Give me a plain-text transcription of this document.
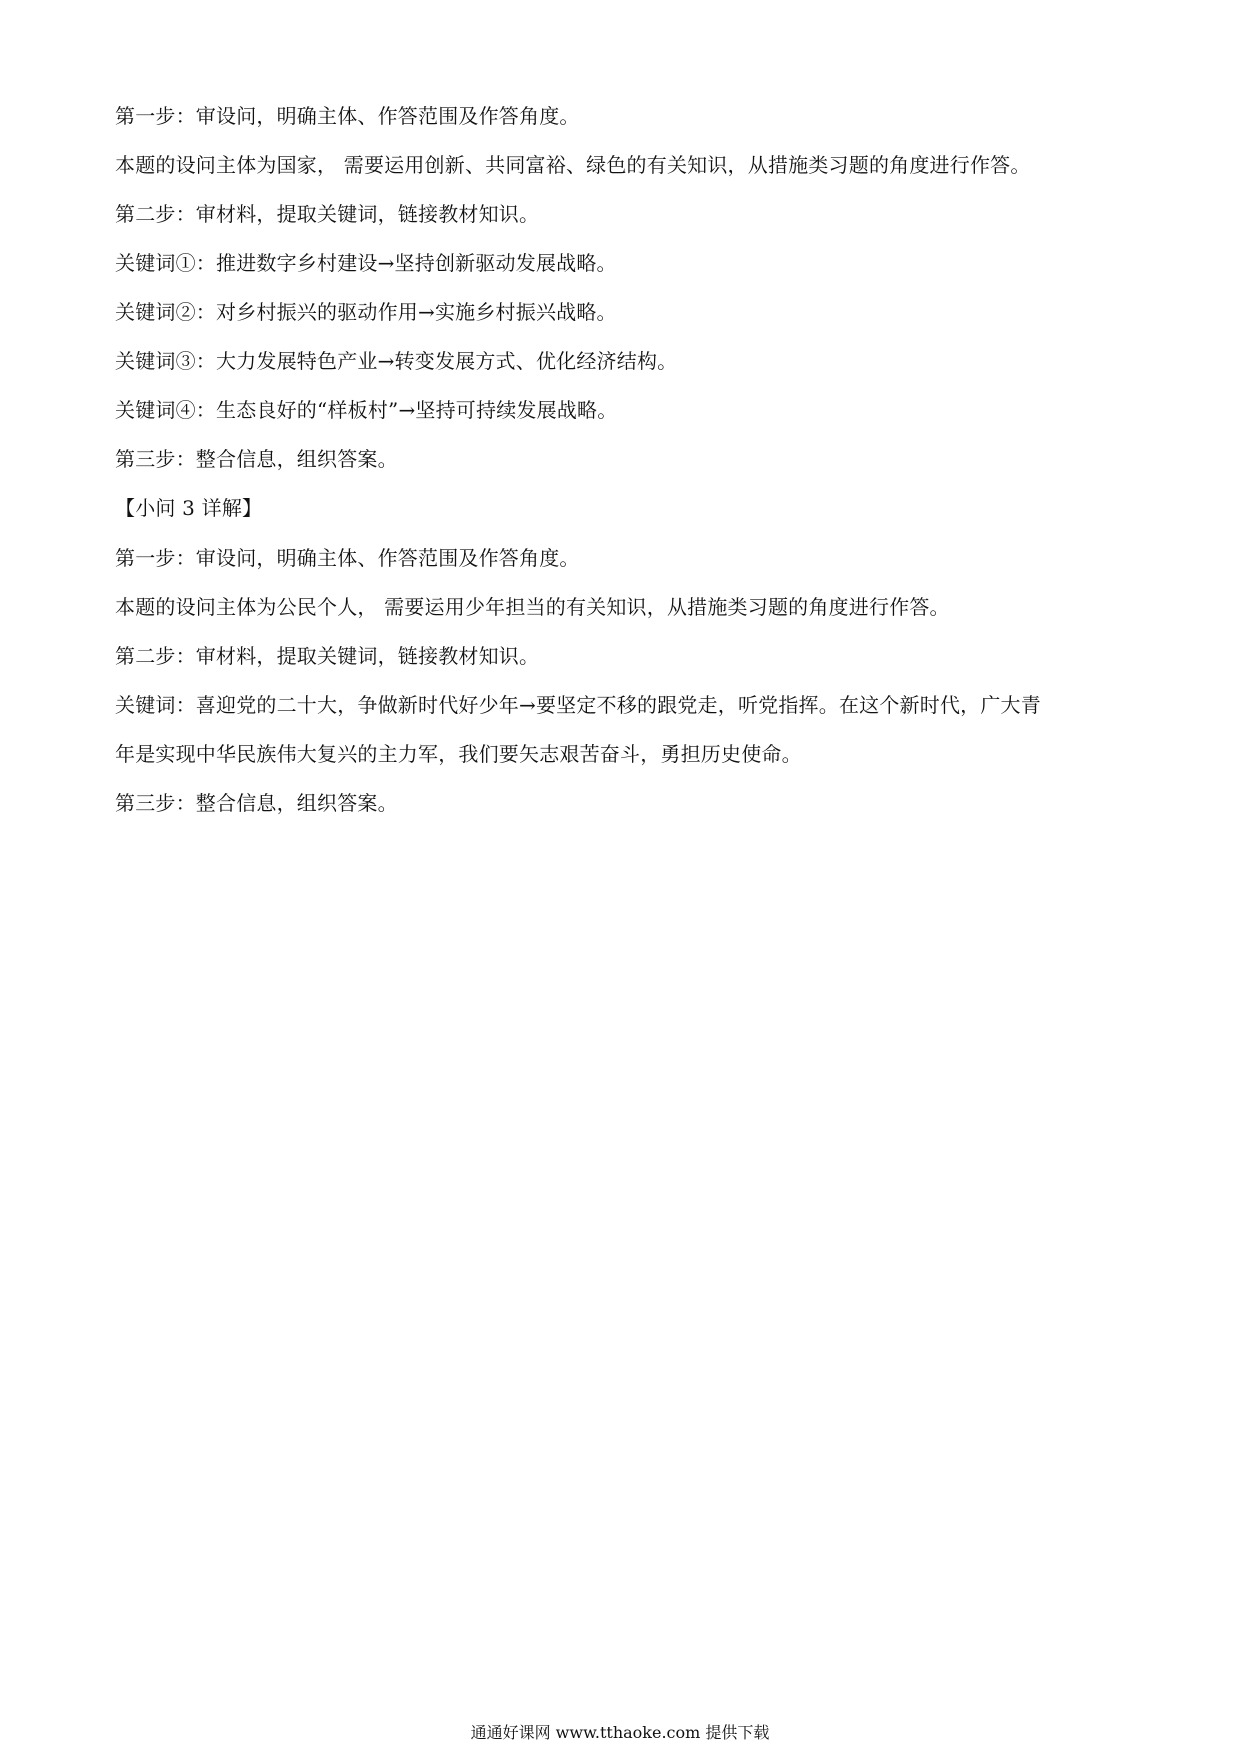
第一步：审设问，明确主体、作答范围及作答角度。
本题的设问主体为国家， 需要运用创新、共同富裕、绿色的有关知识，从措施类习题的角度进行作答。
第二步：审材料，提取关键词，链接教材知识。
关键词①：推进数字乡村建设→坚持创新驱动发展战略。
关键词②：对乡村振兴的驱动作用→实施乡村振兴战略。
关键词③：大力发展特色产业→转变发展方式、优化经济结构。
关键词④：生态良好的“样板村”→坚持可持续发展战略。
第三步：整合信息，组织答案。
【小问 3 详解】
第一步：审设问，明确主体、作答范围及作答角度。
本题的设问主体为公民个人， 需要运用少年担当的有关知识，从措施类习题的角度进行作答。
第二步：审材料，提取关键词，链接教材知识。
关键词：喜迎党的二十大，争做新时代好少年→要坚定不移的跟党走，听党指挥。在这个新时代，广大青
年是实现中华民族伟大复兴的主力军，我们要矢志艰苦奋斗，勇担历史使命。
第三步：整合信息，组织答案。
通通好课网 www.tthaoke.com 提供下载
